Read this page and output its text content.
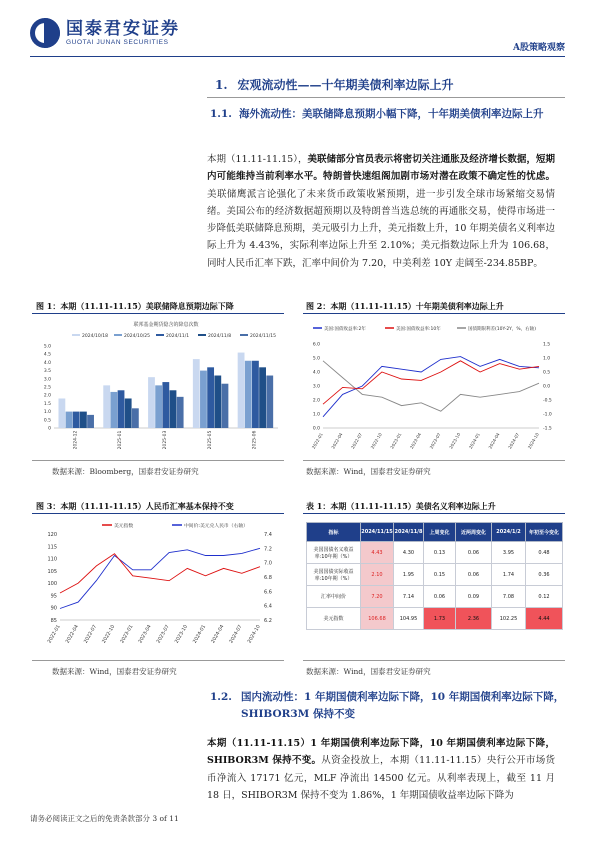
国泰君安证券
GUOTAI JUNAN SECURITIES
A股策略观察
1. 宏观流动性——十年期美债利率边际上升
1.1. 海外流动性：美联储降息预期小幅下降，十年期美债利率边际上升
本期（11.11-11.15），美联储部分官员表示将密切关注通胀及经济增长数据，短期内可能维持当前利率水平。特朗普快速组阁加剧市场对潜在政策不确定性的忧虑。美联储鹰派言论强化了未来货币政策收紧预期，进一步引发全球市场紧缩交易情绪。美国公布的经济数据超预期以及特朗普当选总统的再通胀交易，使得市场进一步降低美联储降息预期，美元吸引力上升，美元指数上升，10 年期美债名义利率边际上升为 4.43%，实际利率边际上升至 2.10%；美元指数边际上升为 106.68，同时人民币汇率下跌，汇率中间价为 7.20，中美利差 10Y 走阔至-234.85BP。
图 1：本期（11.11-11.15）美联储降息预期边际下降
联邦基金期货隐含的降息次数
2024/10/18	2024/10/25	2024/11/1	2024/11/8	2024/11/15
0
0.5
1.0
1.5
2.0
2.5
3.0
3.5
4.0
4.5
5.0
2024-12	2025-01	2025-03	2025-05	2025-06
数据来源：Bloomberg，国泰君安证券研究
图 2：本期（11.11-11.15）十年期美债利率边际上升
美国:国债收益率:2年	美国:国债收益率:10年	国债期限利差(10Y-2Y，%，右轴)
0.0
1.0
2.0
3.0
4.0
5.0
6.0
-1.5
-1.0
-0.5
0.0
0.5
1.0
1.5
2022-01 2022-04 2022-07 2022-10 2023-01 2023-04 2023-07 2023-10 2024-01 2024-04 2024-07 2024-10
数据来源：Wind，国泰君安证券研究
图 3：本期（11.11-11.15）人民币汇率基本保持不变
美元指数	中间价:美元兑人民币（右轴）
85
90
95
100
105
110
115
120
6.2
6.4
6.6
6.8
7.0
7.2
7.4
2022-01 2022-04 2022-07 2022-10 2023-01 2023-04 2023-07 2023-10 2024-01 2024-04 2024-07 2024-10
数据来源：Wind，国泰君安证券研究
表 1：本期（11.11-11.15）美债名义利率边际上升
指标	2024/11/15	2024/11/8	上周变化	近两周变化	2024/1/2	年初至今变化
美国国债名义收益率:10年期（%）	4.43	4.30	0.13	0.06	3.95	0.48
美国国债实际收益率:10年期（%）	2.10	1.95	0.15	0.06	1.74	0.36
汇率中间价	7.20	7.14	0.06	0.09	7.08	0.12
美元指数	106.68	104.95	1.73	2.36	102.25	4.44
数据来源：Wind，国泰君安证券研究
1.2. 国内流动性：1 年期国债利率边际下降，10 年期国债利率边际下降，SHIBOR3M 保持不变
本期（11.11-11.15）1 年期国债利率边际下降，10 年期国债利率边际下降，SHIBOR3M 保持不变。从资金投放上，本期（11.11-11.15）央行公开市场货币净流入 17171 亿元，MLF 净流出 14500 亿元。从利率表现上，截至 11 月 18 日，SHIBOR3M 保持不变为 1.86%，1 年期国债收益率边际下降为
请务必阅读正文之后的免责条款部分 3 of 11
